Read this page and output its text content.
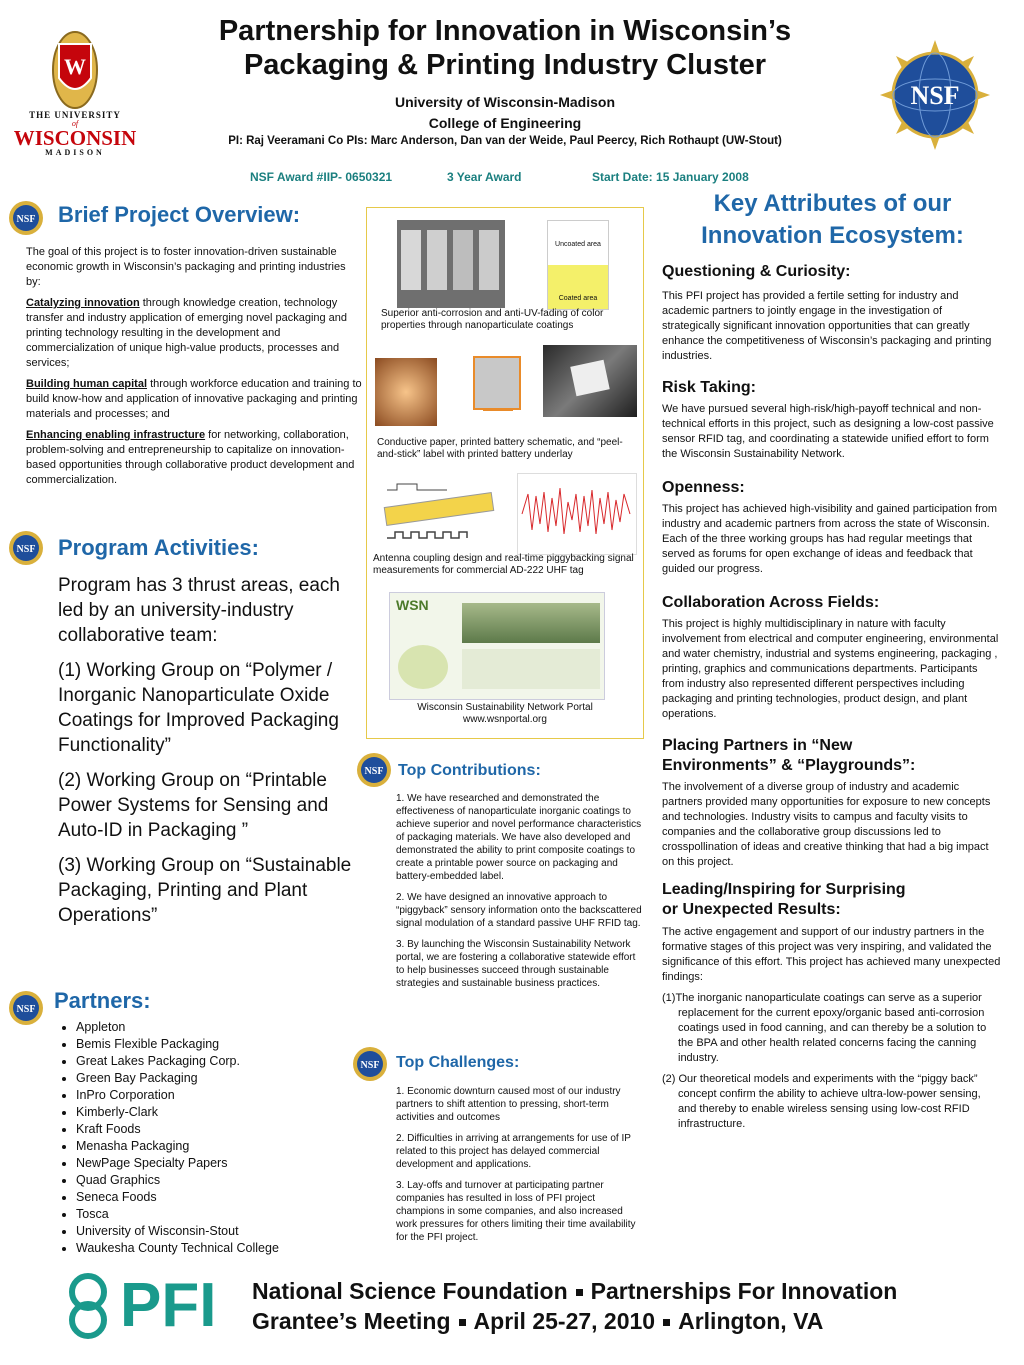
W
THE UNIVERSITY
of
WISCONSIN
MADISON
NSF
Partnership for Innovation in Wisconsin’s
Packaging & Printing Industry Cluster
University of Wisconsin-Madison
College of Engineering
PI: Raj Veeramani Co PIs: Marc Anderson, Dan van der Weide, Paul Peercy, Rich Rothaupt (UW-Stout)
NSF Award #IIP- 0650321	3 Year Award	Start Date: 15 January 2008
NSF Brief Project Overview:

The goal of this project is to foster innovation-driven sustainable economic growth in Wisconsin’s packaging and printing industries by:

Catalyzing innovation through knowledge creation, technology transfer and industry application of emerging novel packaging and printing technology resulting in the development and commercialization of unique high-value products, processes and services;

Building human capital through workforce education and training to build know-how and application of innovative packaging and printing materials and processes; and

Enhancing enabling infrastructure for networking, collaboration, problem-solving and entrepreneurship to capitalize on innovation-based opportunities through collaborative product development and commercialization.

NSF Program Activities:

Program has 3 thrust areas, each led by an university-industry collaborative team:

(1) Working Group on “Polymer / Inorganic Nanoparticulate Oxide Coatings for Improved Packaging Functionality”

(2) Working Group on “Printable Power Systems for Sensing and Auto-ID in Packaging ”

(3) Working Group on “Sustainable Packaging, Printing and Plant Operations”

NSF Partners:
• Appleton
• Bemis Flexible Packaging
• Great Lakes Packaging Corp.
• Green Bay Packaging
• InPro Corporation
• Kimberly-Clark
• Kraft Foods
• Menasha Packaging
• NewPage Specialty Papers
• Quad Graphics
• Seneca Foods
• Tosca
• University of Wisconsin-Stout
• Waukesha County Technical College
Uncoated area
Coated area
Superior anti-corrosion and anti-UV-fading of color properties through nanoparticulate coatings
Conductive paper, printed battery schematic, and “peel-and-stick” label with printed battery underlay
Antenna coupling design and real-time piggybacking signal measurements for commercial AD-222 UHF tag
WSN
Wisconsin Sustainability Network Portal
www.wsnportal.org
NSF Top Contributions:

1. We have researched and demonstrated the effectiveness of nanoparticulate inorganic coatings to achieve superior and novel performance characteristics of packaging materials. We have also developed and demonstrated the ability to print composite coatings to create a printable power source on packaging and battery-embedded label.

2. We have designed an innovative approach to “piggyback” sensory information onto the backscattered signal modulation of a standard passive UHF RFID tag.

3. By launching the Wisconsin Sustainability Network portal, we are fostering a collaborative statewide effort to help businesses succeed through sustainable strategies and sustainable business practices.

NSF Top Challenges:

1. Economic downturn caused most of our industry partners to shift attention to pressing, short-term activities and outcomes

2. Difficulties in arriving at arrangements for use of IP related to this project has delayed commercial development and applications.

3. Lay-offs and turnover at participating partner companies has resulted in loss of PFI project champions in some companies, and also increased work pressures for others limiting their time availability for the PFI project.

Key Attributes of our
Innovation Ecosystem:
Questioning & Curiosity:
This PFI project has provided a fertile setting for industry and academic partners to jointly engage in the investigation of strategically significant innovation opportunities that can greatly enhance the competitiveness of Wisconsin’s packaging and printing industries.
Risk Taking:
We have pursued several high-risk/high-payoff technical and non-technical efforts in this project, such as designing a low-cost passive sensor RFID tag, and coordinating a statewide unified effort to form the Wisconsin Sustainability Network.
Openness:
This project has achieved high-visibility and gained participation from industry and academic partners from across the state of Wisconsin. Each of the three working groups has had regular meetings that served as forums for open exchange of ideas and feedback that guided our progress.
Collaboration Across Fields:
This project is highly multidisciplinary in nature with faculty involvement from electrical and computer engineering, environmental and water chemistry, industrial and systems engineering, packaging , printing, graphics and communications departments. Participants from industry also represented different perspectives including packaging and printing technologies, product design, and plant operations.
Placing Partners in “New
Environments” & “Playgrounds”:
The involvement of a diverse group of industry and academic partners provided many opportunities for exposure to new concepts and technologies. Industry visits to campus and faculty visits to companies and the collaborative group discussions led to crosspollination of ideas and creative thinking that had a big impact on this project.
Leading/Inspiring for Surprising
or Unexpected Results:
The active engagement and support of our industry partners in the formative stages of this project was very inspiring, and validated the significance of this effort. This project has achieved many unexpected findings:
(1)The inorganic nanoparticulate coatings can serve as a superior replacement for the current epoxy/organic based anti-corrosion coatings used in food canning, and can thereby be a solution to the BPA and other health related concerns facing the canning industry.
(2) Our theoretical models and experiments with the “piggy back” concept confirm the ability to achieve ultra-low-power sensing, and thereby to enable wireless sensing using low-cost RFID infrastructure.
PFI National Science Foundation Partnerships For Innovation
Grantee’s Meeting April 25-27, 2010 Arlington, VA
